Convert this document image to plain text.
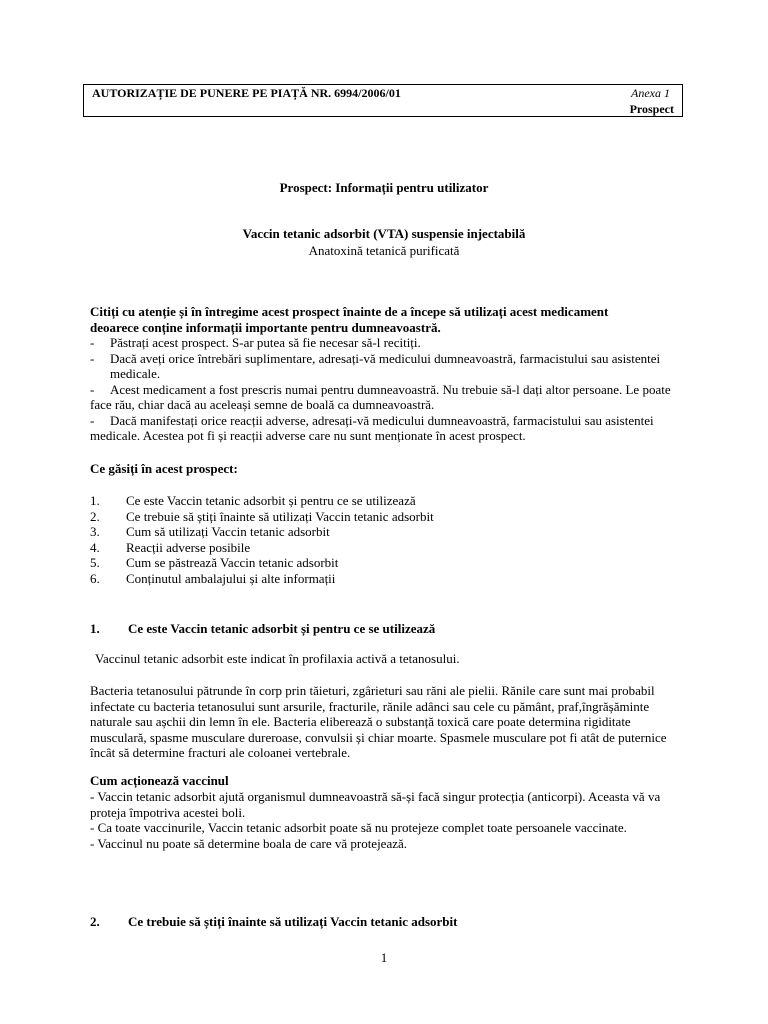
AUTORIZAȚIE DE PUNERE PE PIAȚĂ NR. 6994/2006/01	Anexa 1
Prospect
Prospect: Informații pentru utilizator
Vaccin tetanic adsorbit (VTA) suspensie injectabilă
Anatoxină tetanică purificată

Citiți cu atenție și în întregime acest prospect înainte de a începe să utilizați acest medicament

deoarece conține informații importante pentru dumneavoastră.

- Păstrați acest prospect. S-ar putea să fie necesar să-l recitiți.
- Dacă aveți orice întrebări suplimentare, adresați-vă medicului dumneavoastră, farmacistului sau asistentei medicale.
- Acest medicament a fost prescris numai pentru dumneavoastră. Nu trebuie să-l dați altor persoane. Le poate face rău, chiar dacă au aceleași semne de boală ca dumneavoastră.
- Dacă manifestați orice reacții adverse, adresați-vă medicului dumneavoastră, farmacistului sau asistentei medicale. Acestea pot fi și reacții adverse care nu sunt menționate în acest prospect.
Ce găsiți în acest prospect:
1. Ce este Vaccin tetanic adsorbit și pentru ce se utilizează
2. Ce trebuie să știți înainte să utilizați Vaccin tetanic adsorbit
3. Cum să utilizați Vaccin tetanic adsorbit
4. Reacții adverse posibile
5. Cum se păstrează Vaccin tetanic adsorbit
6. Conținutul ambalajului și alte informații
1. Ce este Vaccin tetanic adsorbit și pentru ce se utilizează
Vaccinul tetanic adsorbit este indicat în profilaxia activă a tetanosului.
Bacteria tetanosului pătrunde în corp prin tăieturi, zgârieturi sau răni ale pielii. Rănile care sunt mai probabil infectate cu bacteria tetanosului sunt arsurile, fracturile, rănile adânci sau cele cu pământ, praf,îngrășăminte naturale sau așchii din lemn în ele. Bacteria eliberează o substanță toxică care poate determina rigiditate musculară, spasme musculare dureroase, convulsii și chiar moarte. Spasmele musculare pot fi atât de puternice încât să determine fracturi ale coloanei vertebrale.
Cum acționează vaccinul

- Vaccin tetanic adsorbit ajută organismul dumneavoastră să-și facă singur protecția (anticorpi). Aceasta vă va proteja împotriva acestei boli.

- Ca toate vaccinurile, Vaccin tetanic adsorbit poate să nu protejeze complet toate persoanele vaccinate.

- Vaccinul nu poate să determine boala de care vă protejează.

2. Ce trebuie să știți înainte să utilizați Vaccin tetanic adsorbit
1
